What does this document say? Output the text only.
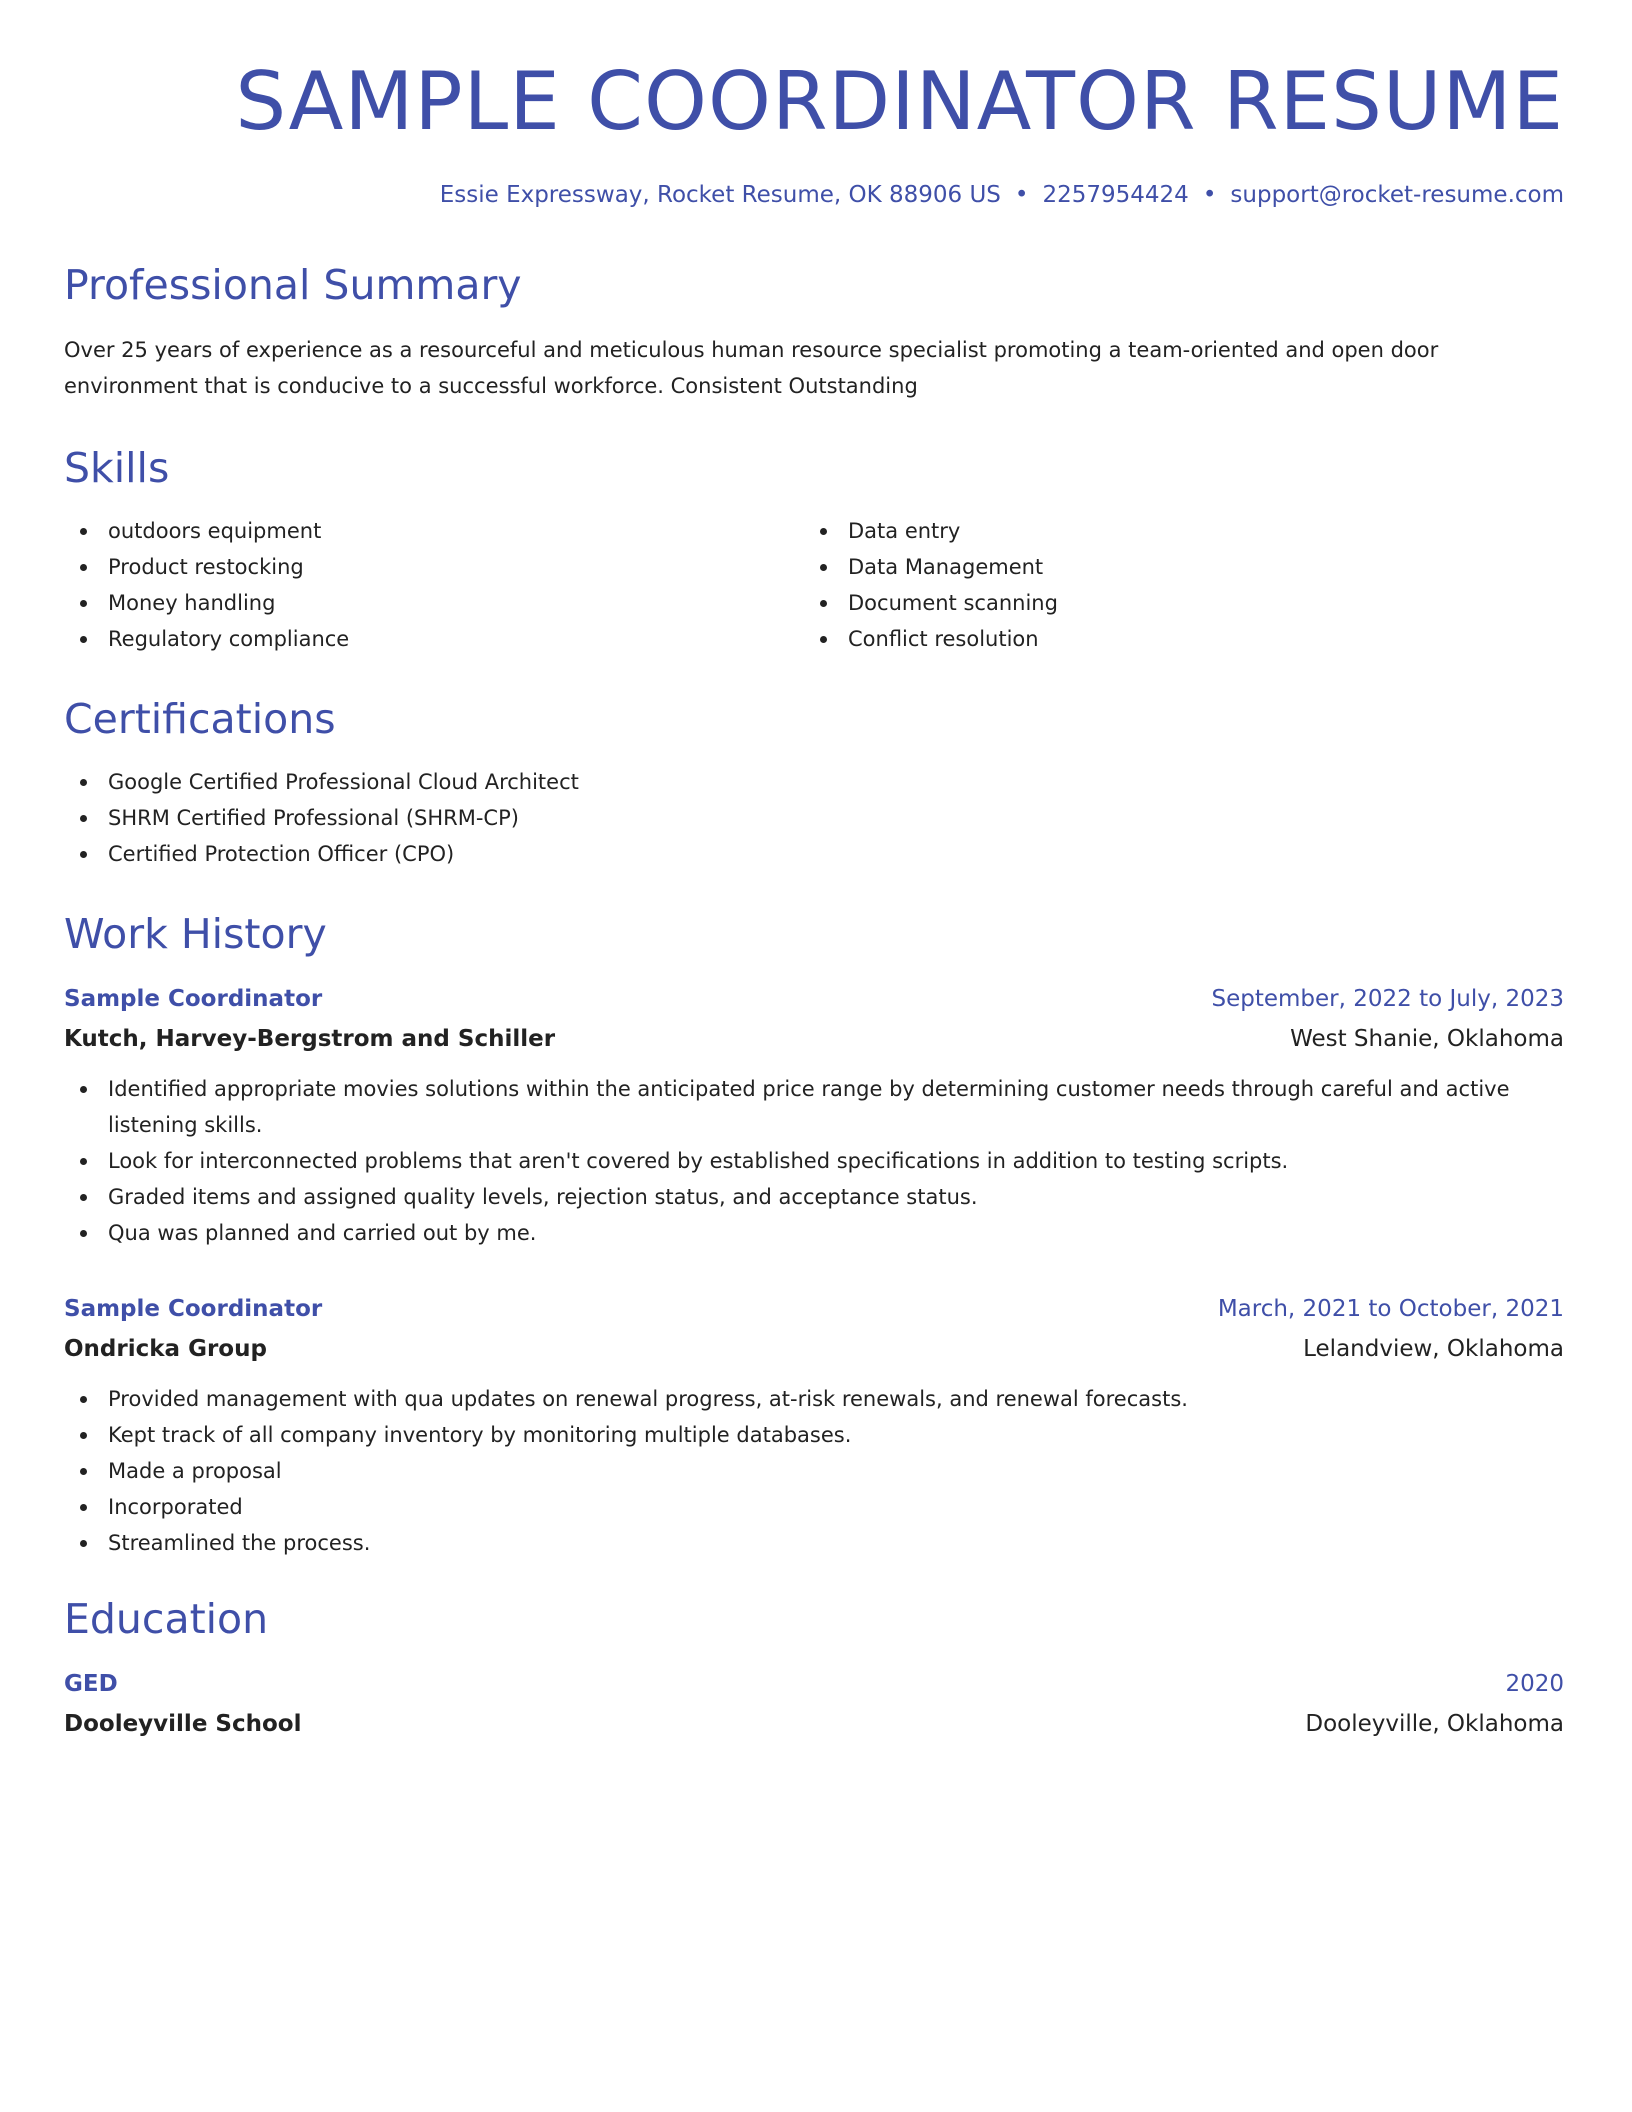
SAMPLE COORDINATOR RESUME
Essie Expressway, Rocket Resume, OK 88906 US • 2257954424 • support@rocket-resume.com
Professional Summary

Over 25 years of experience as a resourceful and meticulous human resource specialist promoting a team-oriented and open door environment that is conducive to a successful workforce. Consistent Outstanding

Skills
outdoors equipment
Product restocking
Money handling
Regulatory compliance
Data entry
Data Management
Document scanning
Conflict resolution
Certifications
Google Certified Professional Cloud Architect
SHRM Certified Professional (SHRM-CP)
Certified Protection Officer (CPO)
Work History
Sample Coordinator	September, 2022 to July, 2023
Kutch, Harvey-Bergstrom and Schiller	West Shanie, Oklahoma
Identified appropriate movies solutions within the anticipated price range by determining customer needs through careful and active listening skills.
Look for interconnected problems that aren't covered by established specifications in addition to testing scripts.
Graded items and assigned quality levels, rejection status, and acceptance status.
Qua was planned and carried out by me.
Sample Coordinator	March, 2021 to October, 2021
Ondricka Group	Lelandview, Oklahoma
Provided management with qua updates on renewal progress, at-risk renewals, and renewal forecasts.
Kept track of all company inventory by monitoring multiple databases.
Made a proposal
Incorporated
Streamlined the process.
Education
GED	2020
Dooleyville School	Dooleyville, Oklahoma
